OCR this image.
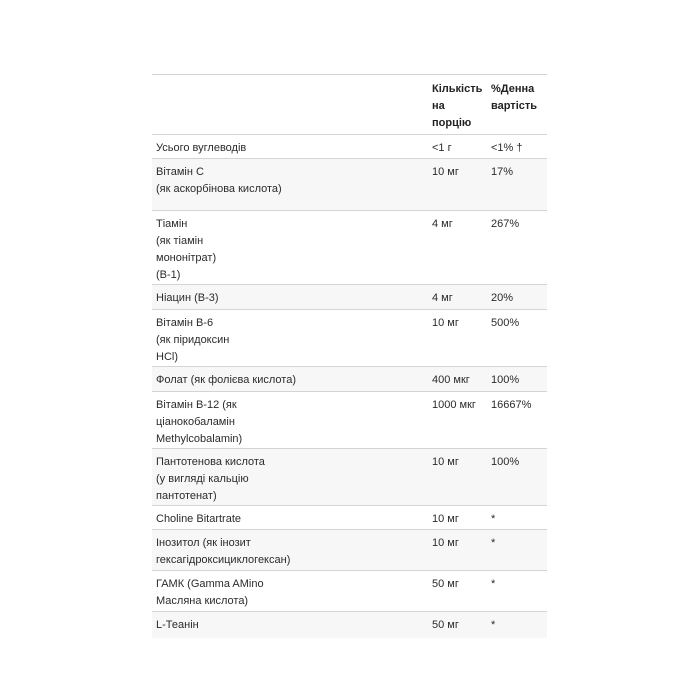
	Кількість на порцію	%Денна вартість

Усього вуглеводів	<1 г	<1% †

Вітамін C
(як аскорбінова кислота)	10 мг	17%

Тіамін
(як тіамін
мононітрат)
(B-1)	4 мг	267%

Ніацин (B-3)	4 мг	20%

Вітамін B-6
(як піридоксин
HCl)	10 мг	500%

Фолат (як фолієва кислота)	400 мкг	100%

Вітамін B-12 (як
ціанокобаламін
Methylcobalamin)	1000 мкг	16667%

Пантотенова кислота
(у вигляді кальцію
пантотенат)	10 мг	100%

Choline Bitartrate	10 мг	*

Інозитол (як інозит
гексагідроксициклогексан)	10 мг	*

ГАМК (Gamma AMino
Масляна кислота)	50 мг	*

L-Теанін	50 мг	*
